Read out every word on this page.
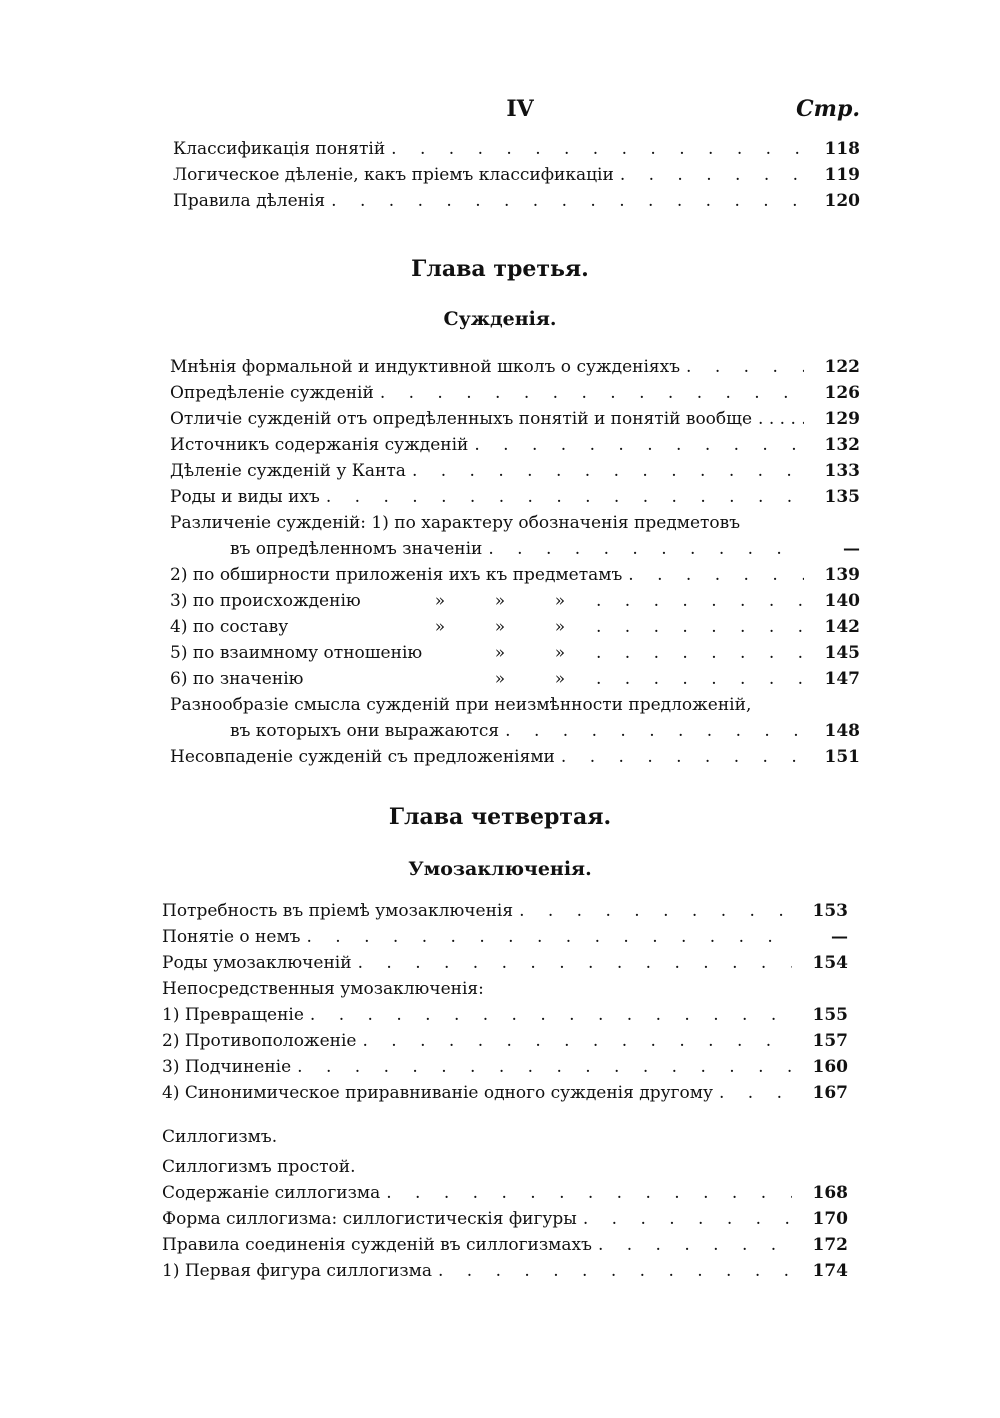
IV	Стр.
Классификація понятій . . .	118
Логическое дѣленіе, какъ пріемъ классификаціи . . .	119
Правила дѣленія . . .	120
Глава третья.
Сужденія.
Мнѣнія формальной и индуктивной школъ о сужденіяхъ . . .	122
Опредѣленіе сужденій . . .	126
Отличіе сужденій отъ опредѣленныхъ понятій и понятій вообще . . .	129
Источникъ содержанія сужденій . . .	132
Дѣленіе сужденій у Канта . . .	133
Роды и виды ихъ . . .	135
Различеніе сужденій: 1) по характеру обозначенія предметовъ
въ опредѣленномъ значеніи . . .	—
2) по обширности приложенія ихъ къ предметамъ . . .	139
3) по происхожденію	»	»	» . . .	140
4) по составу	»	»	» . . .	142
5) по взаимному отношенію	»	» . . .	145
6) по значенію	»	» . . .	147
Разнообразіе смысла сужденій при неизмѣнности предложеній,
въ которыхъ они выражаются . . .	148
Несовпаденіе сужденій съ предложеніями . . .	151
Глава четвертая.
Умозаключенія.
Потребность въ пріемѣ умозаключенія . . .	153
Понятіе о немъ . . .	—
Роды умозаключеній . . .	154
Непосредственныя умозаключенія:
1) Превращеніе . . .	155
2) Противоположеніе . . .	157
3) Подчиненіе . . .	160
4) Синонимическое приравниваніе одного сужденія другому . . .	167
Силлогизмъ.
Силлогизмъ простой.
Содержаніе силлогизма . . .	168
Форма силлогизма: силлогистическія фигуры . . .	170
Правила соединенія сужденій въ силлогизмахъ . . .	172
1) Первая фигура силлогизма . . .	174
